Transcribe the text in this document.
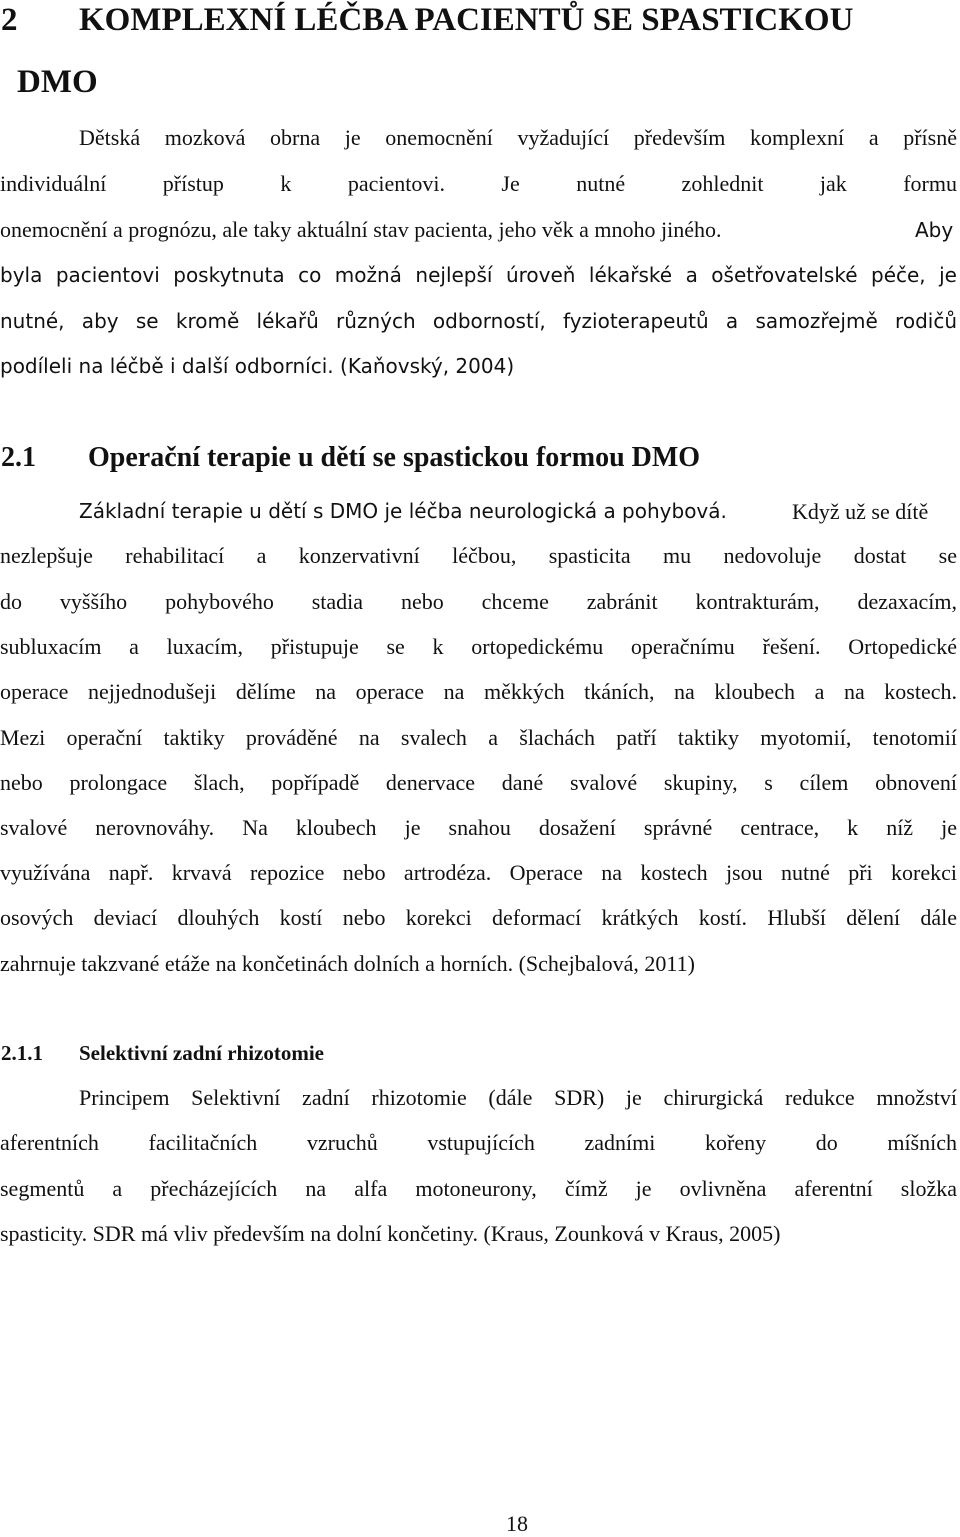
2 KOMPLEXNÍ LÉČBA PACIENTŮ SE SPASTICKOU

DMO

Dětská mozková obrna je onemocnění vyžadující především komplexní a přísně

individuální přístup k pacientovi. Je nutné zohlednit jak formu

onemocnění a prognózu, ale taky aktuální stav pacienta, jeho věk a mnoho jiného.	Aby

byla pacientovi poskytnuta co možná nejlepší úroveň lékařské a ošetřovatelské péče, je

nutné, aby se kromě lékařů různých odborností, fyzioterapeutů a samozřejmě rodičů

podíleli na léčbě i další odborníci. (Kaňovský, 2004)

2.1 Operační terapie u dětí se spastickou formou DMO

Základní terapie u dětí s DMO je léčba neurologická a pohybová.	Když už se dítě

nezlepšuje rehabilitací a konzervativní léčbou, spasticita mu nedovoluje dostat se

do vyššího pohybového stadia nebo chceme zabránit kontrakturám, dezaxacím,

subluxacím a luxacím, přistupuje se k ortopedickému operačnímu řešení. Ortopedické

operace nejjednodušeji dělíme na operace na měkkých tkáních, na kloubech a na kostech.

Mezi operační taktiky prováděné na svalech a šlachách patří taktiky myotomií, tenotomií

nebo prolongace šlach, popřípadě denervace dané svalové skupiny, s cílem obnovení

svalové nerovnováhy. Na kloubech je snahou dosažení správné centrace, k níž je

využívána např. krvavá repozice nebo artrodéza. Operace na kostech jsou nutné při korekci

osových deviací dlouhých kostí nebo korekci deformací krátkých kostí. Hlubší dělení dále

zahrnuje takzvané etáže na končetinách dolních a horních. (Schejbalová, 2011)

2.1.1 Selektivní zadní rhizotomie

Principem Selektivní zadní rhizotomie (dále SDR) je chirurgická redukce množství

aferentních facilitačních vzruchů vstupujících zadními kořeny do míšních

segmentů a přecházejících na alfa motoneurony, čímž je ovlivněna aferentní složka

spasticity. SDR má vliv především na dolní končetiny. (Kraus, Zounková v Kraus, 2005)

18
